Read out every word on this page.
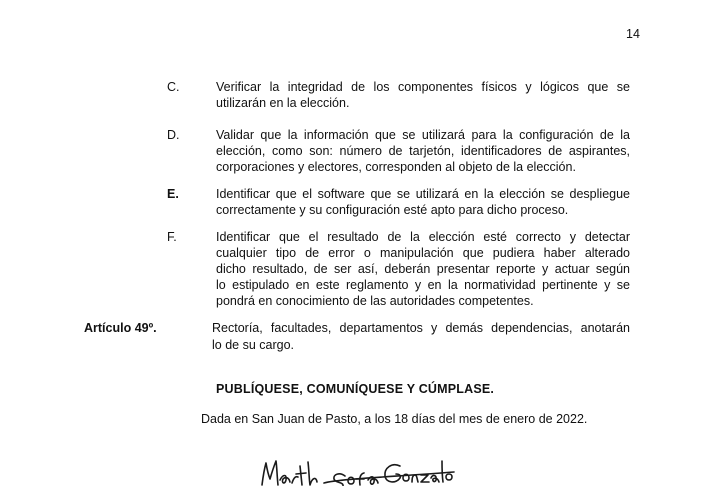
14
C.	Verificar la integridad de los componentes físicos y lógicos que se
utilizarán en la elección.
D.	Validar que la información que se utilizará para la configuración de la
elección, como son: número de tarjetón, identificadores de aspirantes,
corporaciones y electores, corresponden al objeto de la elección.
E.	Identificar que el software que se utilizará en la elección se despliegue
correctamente y su configuración esté apto para dicho proceso.
F.	Identificar que el resultado de la elección esté correcto y detectar
cualquier tipo de error o manipulación que pudiera haber alterado
dicho resultado, de ser así, deberán presentar reporte y actuar según
lo estipulado en este reglamento y en la normatividad pertinente y se
pondrá en conocimiento de las autoridades competentes.
Artículo 49º.	Rectoría, facultades, departamentos y demás dependencias, anotarán
lo de su cargo.
PUBLÍQUESE, COMUNÍQUESE Y CÚMPLASE.
Dada en San Juan de Pasto, a los 18 días del mes de enero de 2022.
